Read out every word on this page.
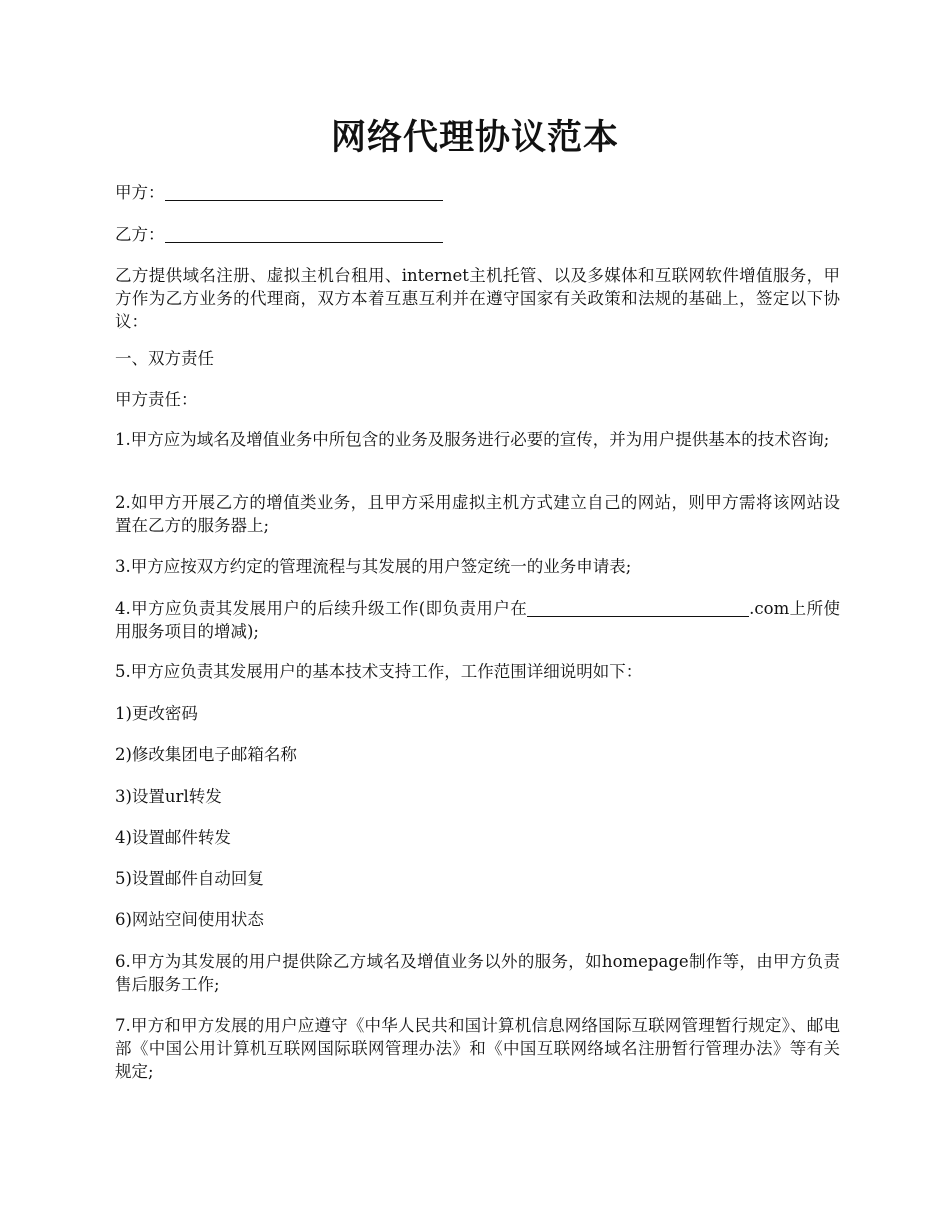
网络代理协议范本
甲方：
乙方：
乙方提供域名注册、虚拟主机台租用、internet主机托管、以及多媒体和互联网软件增值服务，甲方作为乙方业务的代理商，双方本着互惠互利并在遵守国家有关政策和法规的基础上，签定以下协议：
一、双方责任
甲方责任：
1.甲方应为域名及增值业务中所包含的业务及服务进行必要的宣传，并为用户提供基本的技术咨询;
2.如甲方开展乙方的增值类业务，且甲方采用虚拟主机方式建立自己的网站，则甲方需将该网站设置在乙方的服务器上;
3.甲方应按双方约定的管理流程与其发展的用户签定统一的业务申请表;
4.甲方应负责其发展用户的后续升级工作(即负责用户在	.com上所使用服务项目的增减);
5.甲方应负责其发展用户的基本技术支持工作，工作范围详细说明如下：
1)更改密码
2)修改集团电子邮箱名称
3)设置url转发
4)设置邮件转发
5)设置邮件自动回复
6)网站空间使用状态
6.甲方为其发展的用户提供除乙方域名及增值业务以外的服务，如homepage制作等，由甲方负责售后服务工作;
7.甲方和甲方发展的用户应遵守《中华人民共和国计算机信息网络国际互联网管理暂行规定》、邮电部《中国公用计算机互联网国际联网管理办法》和《中国互联网络域名注册暂行管理办法》等有关规定;
